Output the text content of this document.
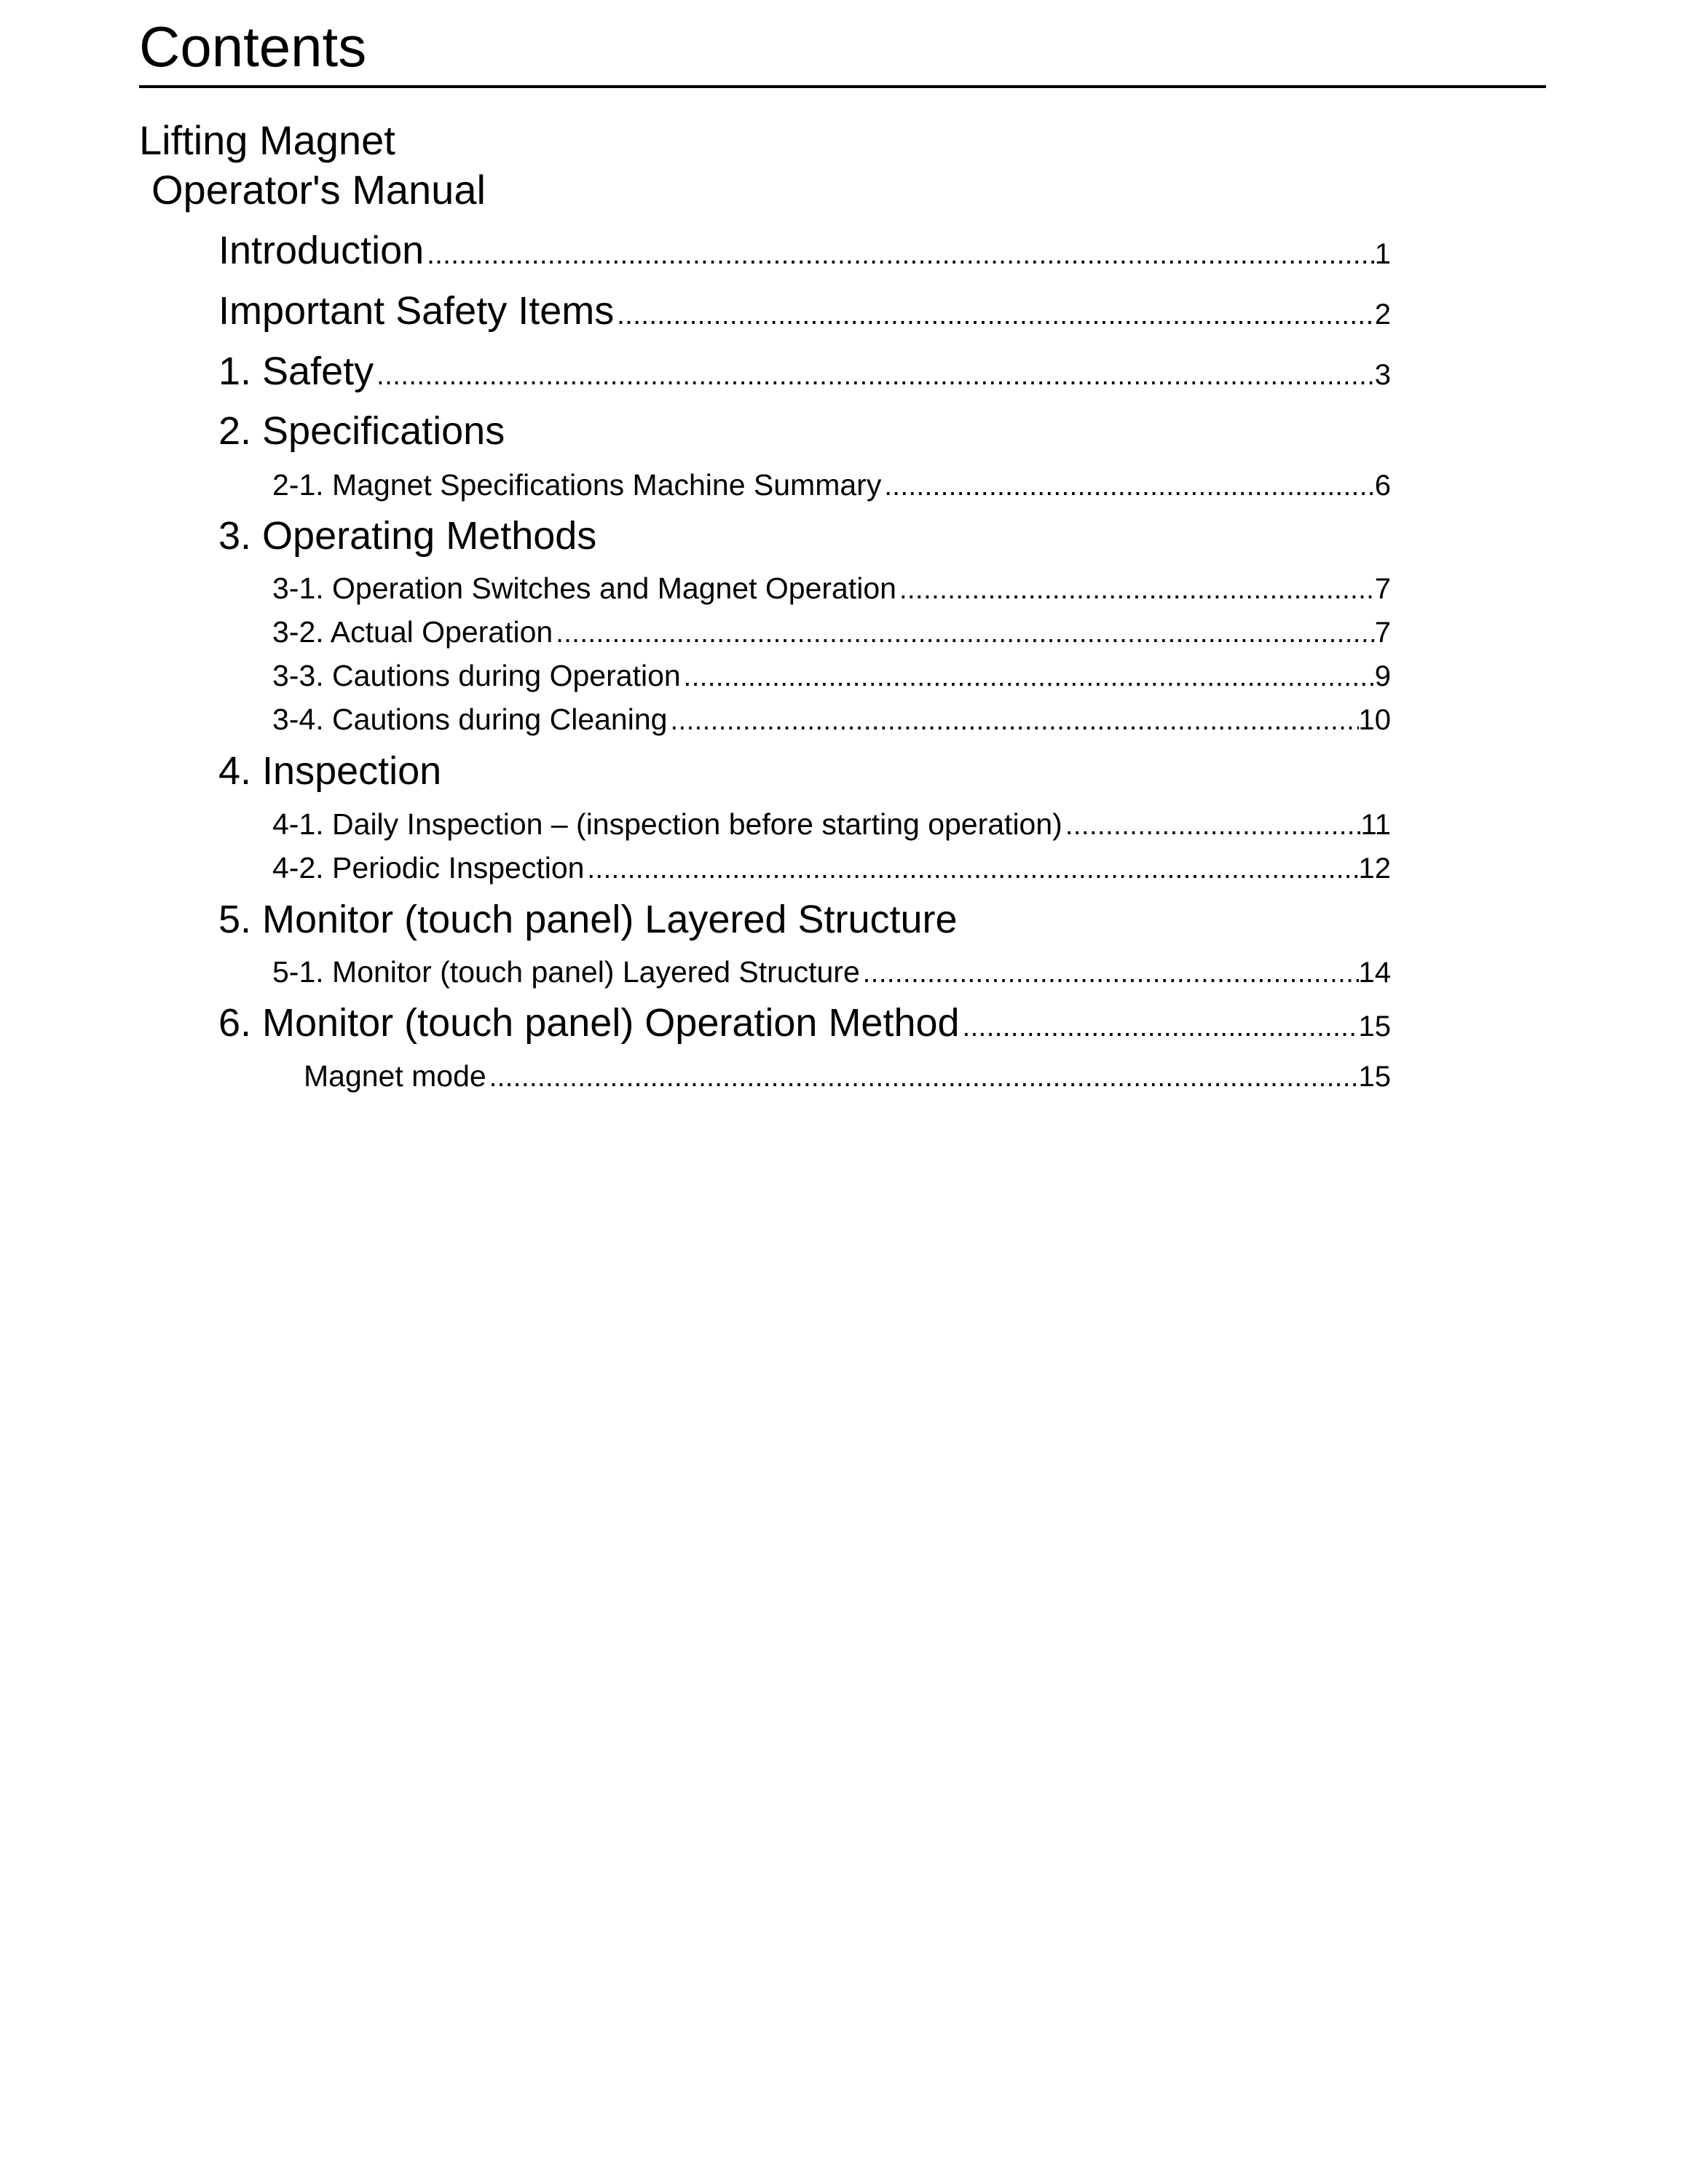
Contents
Lifting Magnet
Operator's Manual
Introduction .....	1
Important Safety Items .....	2
1. Safety .....	3
2. Specifications
2-1. Magnet Specifications Machine Summary .....	6
3. Operating Methods
3-1. Operation Switches and Magnet Operation .....	7
3-2. Actual Operation .....	7
3-3. Cautions during Operation .....	9
3-4. Cautions during Cleaning .....	10
4. Inspection
4-1. Daily Inspection – (inspection before starting operation) .....	11
4-2. Periodic Inspection .....	12
5. Monitor (touch panel) Layered Structure
5-1. Monitor (touch panel) Layered Structure .....	14
6. Monitor (touch panel) Operation Method .....	15
Magnet mode .....	15
